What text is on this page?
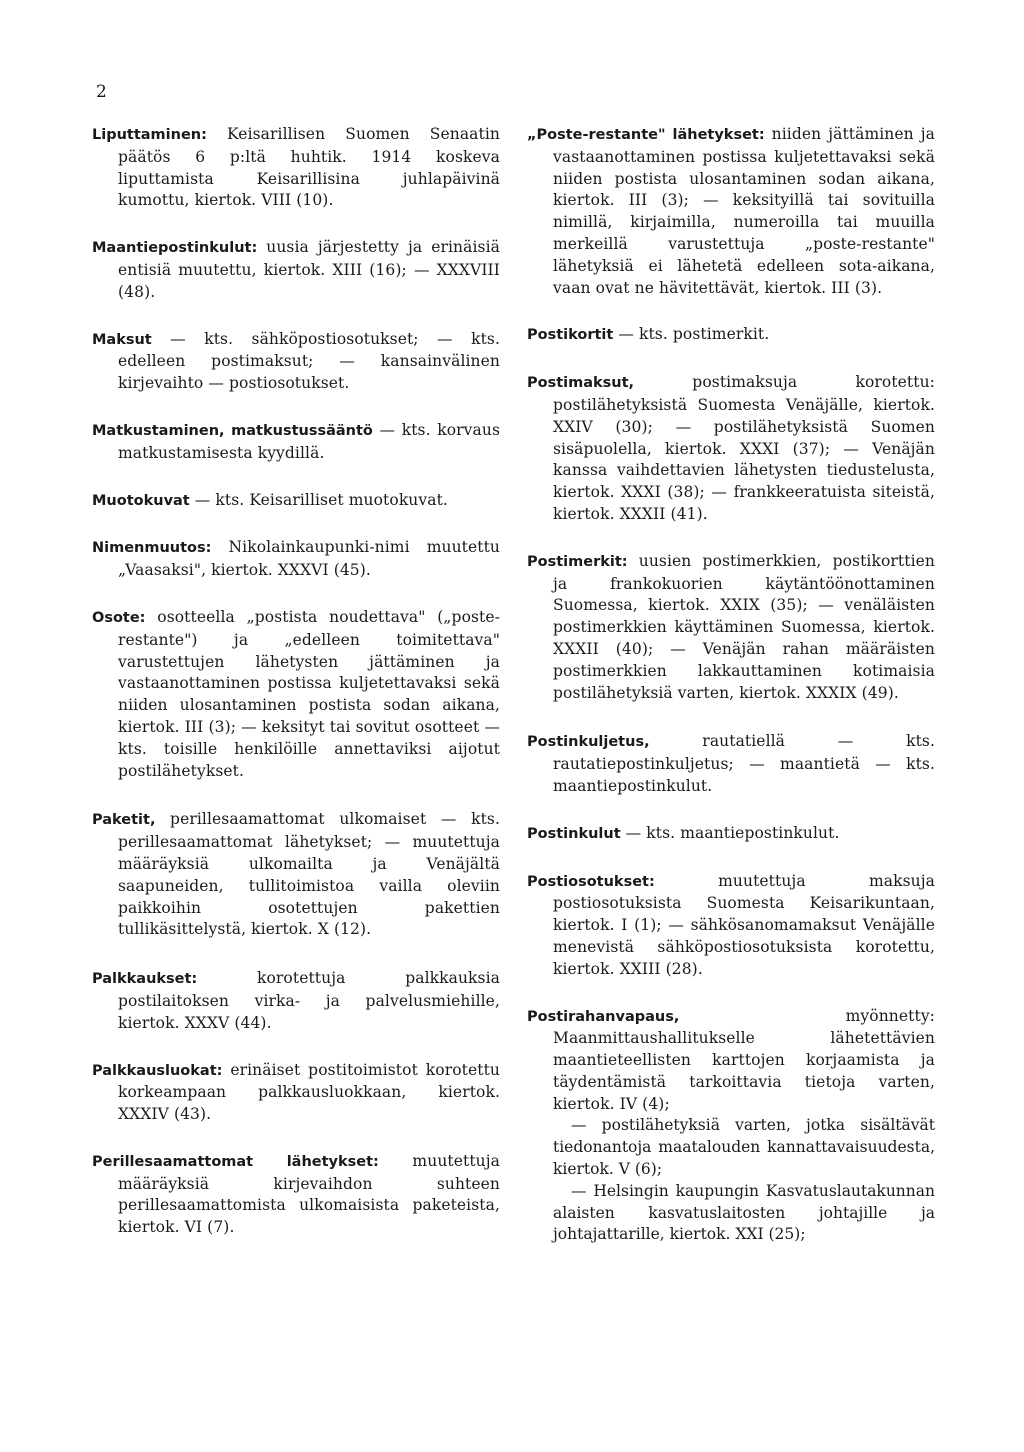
2

Liputtaminen: Keisarillisen Suomen Senaatin päätös 6 p:ltä huhtik. 1914 koskeva liputtamista Keisarillisina juhlapäivinä kumottu, kiertok. VIII (10).

Maantiepostinkulut: uusia järjestetty ja erinäisiä entisiä muutettu, kiertok. XIII (16); — XXXVIII (48).

Maksut — kts. sähköpostiosotukset; — kts. edelleen postimaksut; — kansainvälinen kirjevaihto — postiosotukset.

Matkustaminen, matkustussääntö — kts. korvaus matkustamisesta kyydillä.

Muotokuvat — kts. Keisarilliset muotokuvat.

Nimenmuutos: Nikolainkaupunki-nimi muutettu „Vaasaksi", kiertok. XXXVI (45).

Osote: osotteella „postista noudettava" („poste-restante") ja „edelleen toimitettava" varustettujen lähetysten jättäminen ja vastaanottaminen postissa kuljetettavaksi sekä niiden ulosantaminen postista sodan aikana, kiertok. III (3); — keksityt tai sovitut osotteet — kts. toisille henkilöille annettaviksi aijotut postilähetykset.

Paketit, perillesaamattomat ulkomaiset — kts. perillesaamattomat lähetykset; — muutettuja määräyksiä ulkomailta ja Venäjältä saapuneiden, tullitoimistoa vailla oleviin paikkoihin osotettujen pakettien tullikäsittelystä, kiertok. X (12).

Palkkaukset: korotettuja palkkauksia postilaitoksen virka- ja palvelusmiehille, kiertok. XXXV (44).

Palkkausluokat: erinäiset postitoimistot korotettu korkeampaan palkkausluokkaan, kiertok. XXXIV (43).

Perillesaamattomat lähetykset: muutettuja määräyksiä kirjevaihdon suhteen perillesaamattomista ulkomaisista paketeista, kiertok. VI (7).

„Poste-restante" lähetykset: niiden jättäminen ja vastaanottaminen postissa kuljetettavaksi sekä niiden postista ulosantaminen sodan aikana, kiertok. III (3); — keksityillä tai sovituilla nimillä, kirjaimilla, numeroilla tai muuilla merkeillä varustettuja „poste-restante" lähetyksiä ei lähetetä edelleen sota-aikana, vaan ovat ne hävitettävät, kiertok. III (3).

Postikortit — kts. postimerkit.

Postimaksut, postimaksuja korotettu: postilähetyksistä Suomesta Venäjälle, kiertok. XXIV (30); — postilähetyksistä Suomen sisäpuolella, kiertok. XXXI (37); — Venäjän kanssa vaihdettavien lähetysten tiedustelusta, kiertok. XXXI (38); — frankkeeratuista siteistä, kiertok. XXXII (41).

Postimerkit: uusien postimerkkien, postikorttien ja frankokuorien käytäntöönottaminen Suomessa, kiertok. XXIX (35); — venäläisten postimerkkien käyttäminen Suomessa, kiertok. XXXII (40); — Venäjän rahan määräisten postimerkkien lakkauttaminen kotimaisia postilähetyksiä varten, kiertok. XXXIX (49).

Postinkuljetus, rautatiellä — kts. rautatiepostinkuljetus; — maantietä — kts. maantiepostinkulut.

Postinkulut — kts. maantiepostinkulut.

Postiosotukset: muutettuja maksuja postiosotuksista Suomesta Keisarikuntaan, kiertok. I (1); — sähkösanomamaksut Venäjälle menevistä sähköpostiosotuksista korotettu, kiertok. XXIII (28).

Postirahanvapaus, myönnetty: Maanmittaushallitukselle lähetettävien maantieteellisten karttojen korjaamista ja täydentämistä tarkoittavia tietoja varten, kiertok. IV (4);

— postilähetyksiä varten, jotka sisältävät tiedonantoja maatalouden kannattavaisuudesta, kiertok. V (6);

— Helsingin kaupungin Kasvatuslautakunnan alaisten kasvatuslaitosten johtajille ja johtajattarille, kiertok. XXI (25);
